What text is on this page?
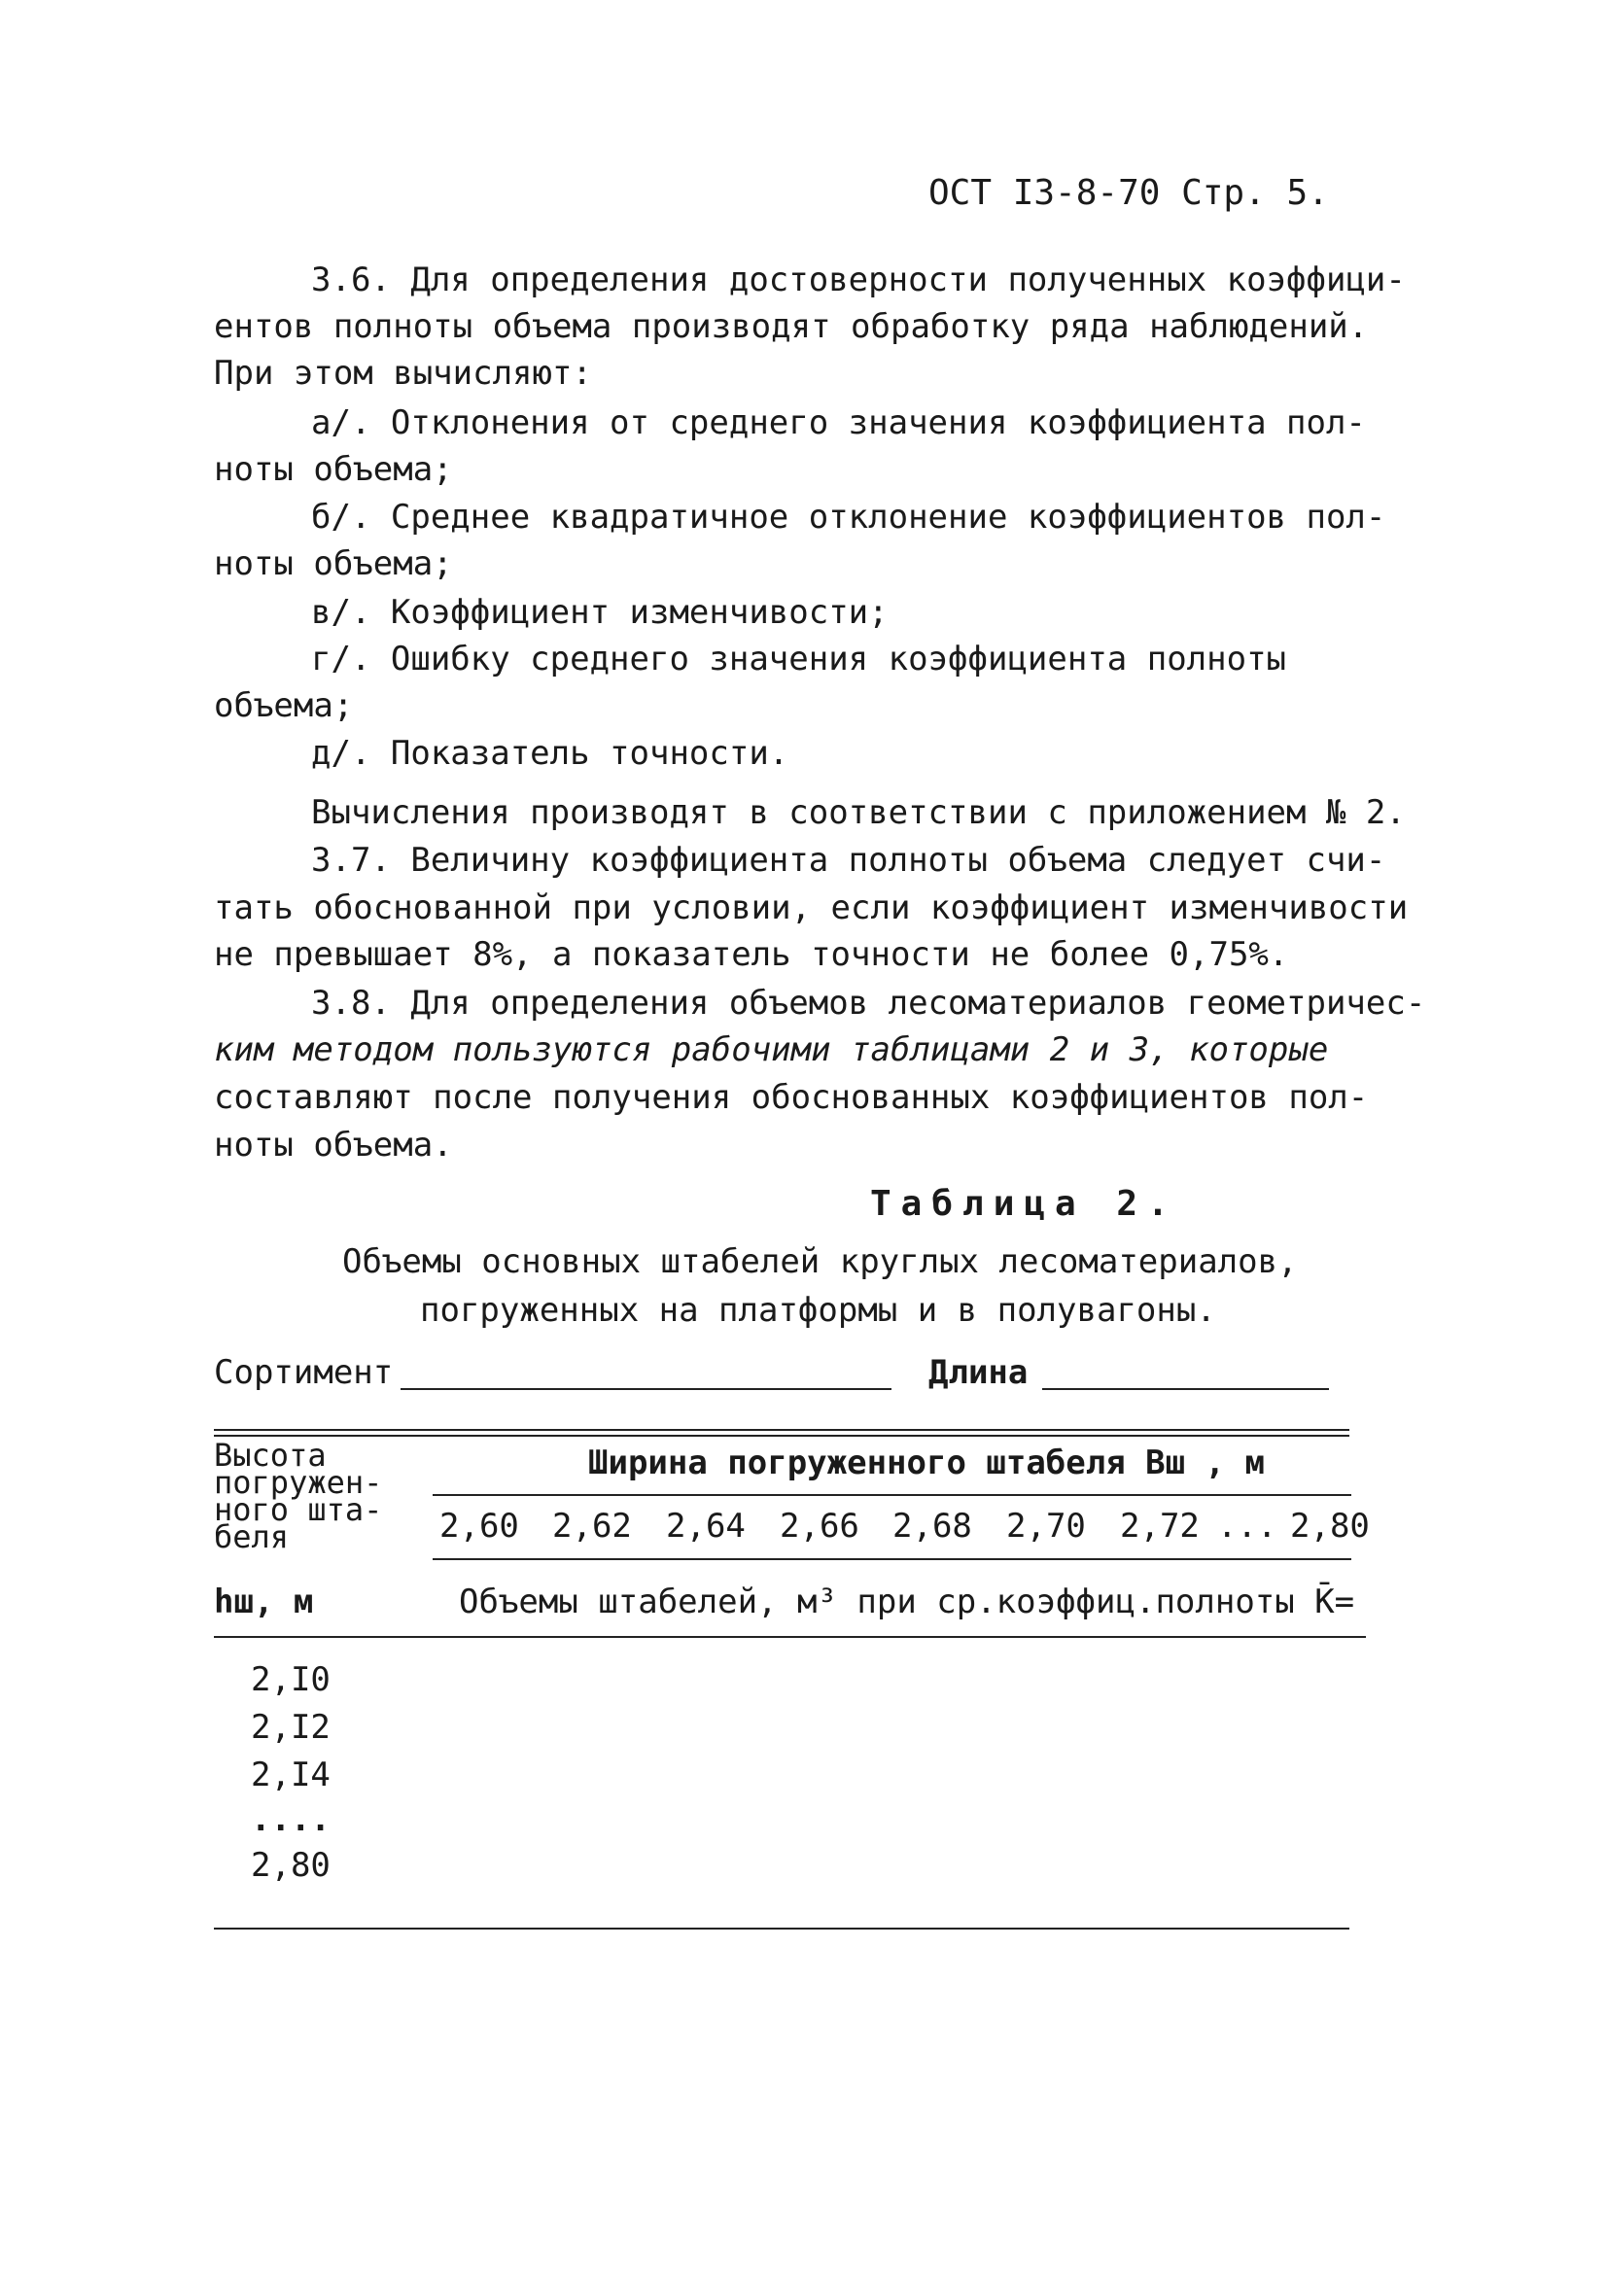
ОСТ I3-8-70 Стр. 5.
3.6. Для определения достоверности полученных коэффици-
ентов полноты объема производят обработку ряда наблюдений.
При этом вычисляют:
а/. Отклонения от среднего значения коэффициента пол-
ноты объема;
б/. Среднее квадратичное отклонение коэффициентов пол-
ноты объема;
в/. Коэффициент изменчивости;
г/. Ошибку среднего значения коэффициента полноты
объема;
д/. Показатель точности.
Вычисления производят в соответствии с приложением № 2.
3.7. Величину коэффициента полноты объема следует счи-
тать обоснованной при условии, если коэффициент изменчивости
не превышает 8%, а показатель точности не более 0,75%.
3.8. Для определения объемов лесоматериалов геометричес-
ким методом пользуются рабочими таблицами 2 и 3, которые
составляют после получения обоснованных коэффициентов пол-
ноты объема.
Таблица 2.
Объемы основных штабелей круглых лесоматериалов,
погруженных на платформы и в полувагоны.
Сортимент	Длина
Высота
погружен-
ного шта-
беля
hш, м
Ширина погруженного штабеля Вш , м
2,60 2,62 2,64 2,66 2,68 2,70 2,72 ... 2,80
Объемы штабелей, м³ при ср.коэффиц.полноты K̄=
2,I0
2,I2
2,I4
....
2,80
